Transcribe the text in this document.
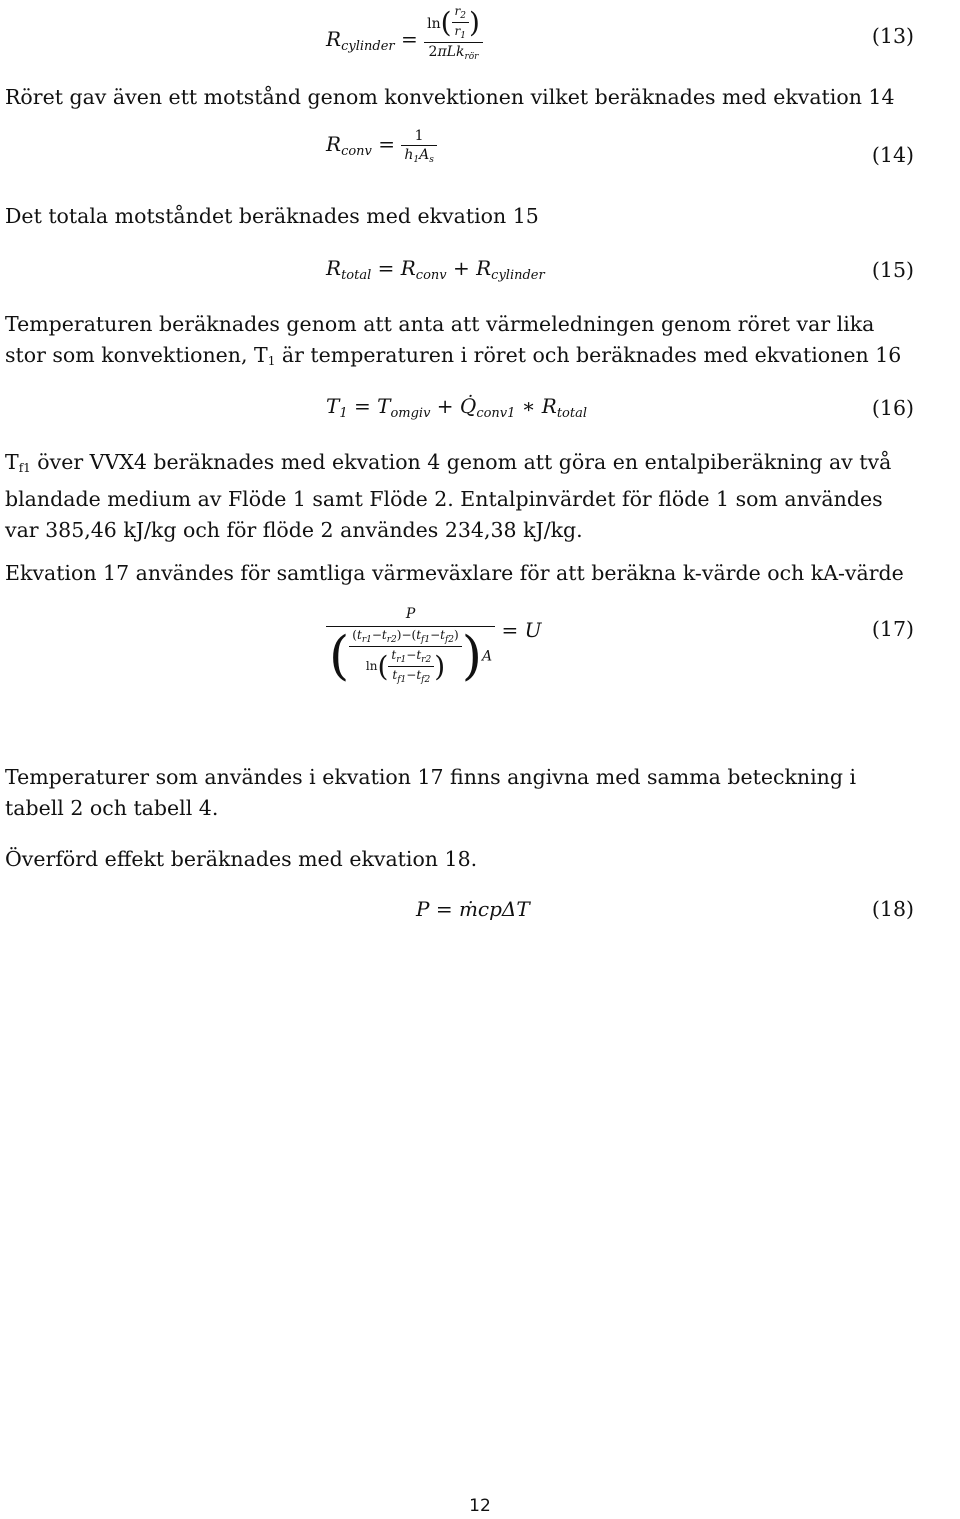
$R_{cylinder} = \frac{\ln( \frac{r_2}{r_1} )}{2\pi Lk_{rör}}$	(13)

Röret gav även ett motstånd genom konvektionen vilket beräknades med ekvation 14

$R_{conv} = \frac{1}{h_1A_s}$	(14)

Det totala motståndet beräknades med ekvation 15

$R_{total} = R_{conv} + R_{cylinder}$	(15)

Temperaturen beräknades genom att anta att värmeledningen genom röret var lika stor som konvektionen, T1 är temperaturen i röret och beräknades med ekvationen 16

$T_1 = T_{omgiv}$ + $Q̇_{conv1}$ ∗ $R_{total}$	(16)

Tf1 över VVX4 beräknades med ekvation 4 genom att göra en entalpiberäkning av två blandade medium av Flöde 1 samt Flöde 2. Entalpinvärdet för flöde 1 som användes var 385,46 kJ/kg och för flöde 2 användes 234,38 kJ/kg.

Ekvation 17 användes för samtliga värmeväxlare för att beräkna k-värde och kA-värde

P
( $\frac{(t_{r1}-t_{r2})-(t_{f1}-t_{f2})}{\ln( \frac{t_{r1}-t_{r2}}{t_{f1}-t_{f2}} )} )A$
= U	(17)

Temperaturer som användes i ekvation 17 finns angivna med samma beteckning i tabell 2 och tabell 4.

Överförd effekt beräknades med ekvation 18.

P = ṁcpΔT	(18)
12
